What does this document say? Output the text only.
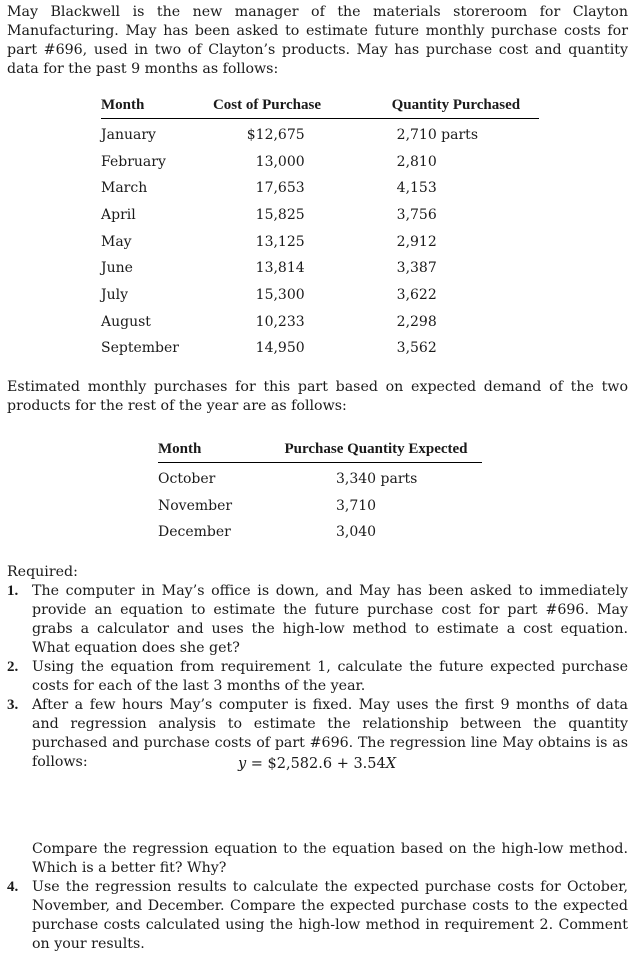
May Blackwell is the new manager of the materials storeroom for Clayton Manufacturing. May has been asked to estimate future monthly purchase costs for part #696, used in two of Clayton’s products. May has purchase cost and quantity data for the past 9 months as follows:

Month	Cost of Purchase	Quantity Purchased
January	$12,675	2,710 parts
February	13,000	2,810
March	17,653	4,153
April	15,825	3,756
May	13,125	2,912
June	13,814	3,387
July	15,300	3,622
August	10,233	2,298
September	14,950	3,562

Estimated monthly purchases for this part based on expected demand of the two products for the rest of the year are as follows:

Month	Purchase Quantity Expected
October	3,340 parts
November	3,710
December	3,040

Required:

1. The computer in May’s office is down, and May has been asked to immediately provide an equation to estimate the future purchase cost for part #696. May grabs a calculator and uses the high-low method to estimate a cost equation. What equation does she get?
2. Using the equation from requirement 1, calculate the future expected purchase costs for each of the last 3 months of the year.
3. After a few hours May’s computer is fixed. May uses the first 9 months of data and regression analysis to estimate the relationship between the quantity purchased and purchase costs of part #696. The regression line May obtains is as follows:
Compare the regression equation to the equation based on the high-low method. Which is a better fit? Why?
4. Use the regression results to calculate the expected purchase costs for October, November, and December. Compare the expected purchase costs to the expected purchase costs calculated using the high-low method in requirement 2. Comment on your results.
y = $2,582.6 + 3.54X
